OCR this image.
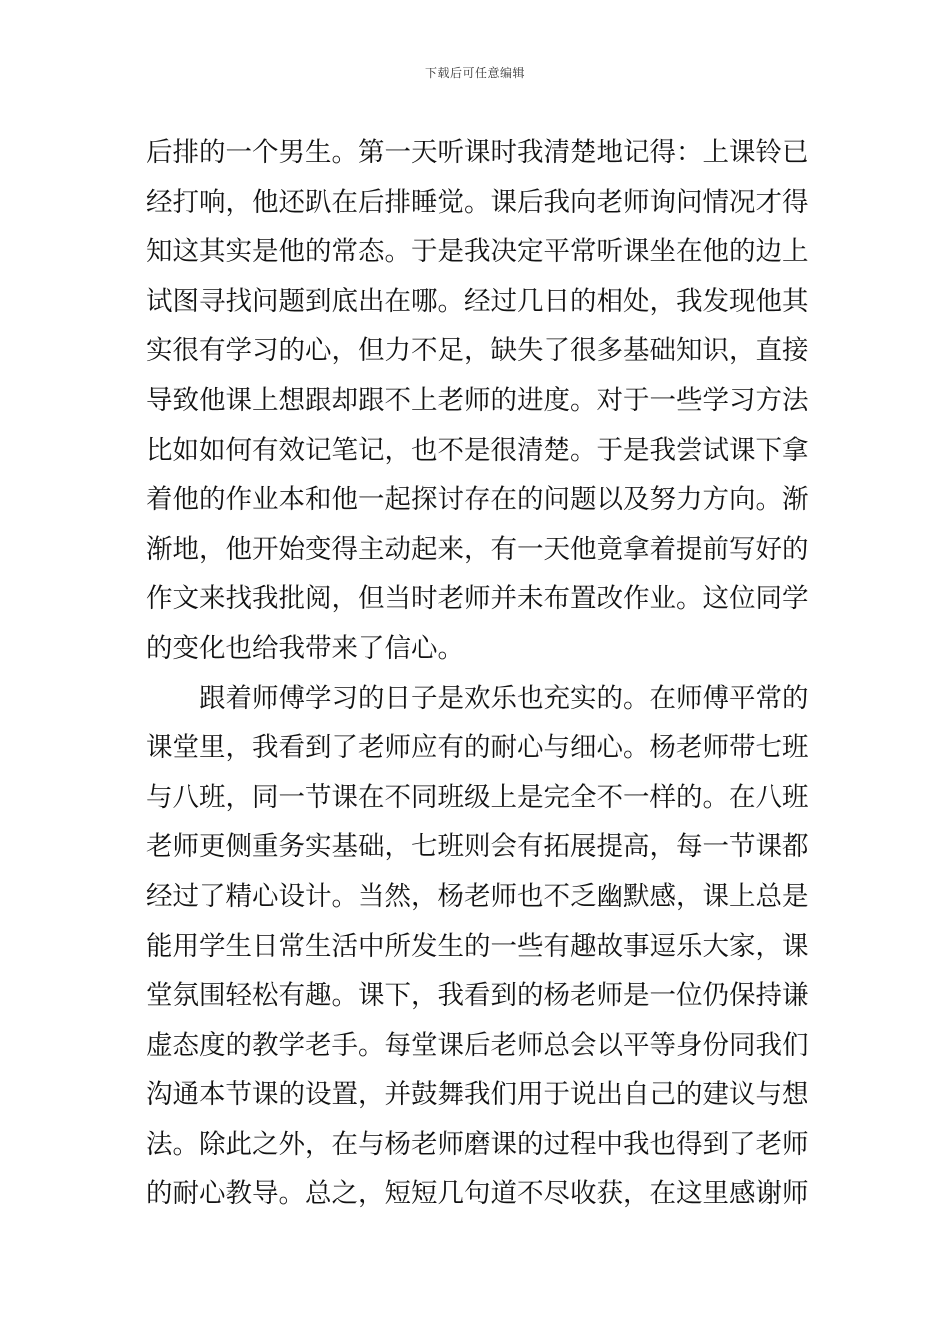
下载后可任意编辑
后排的一个男生。第一天听课时我清楚地记得：上课铃已
经打响，他还趴在后排睡觉。课后我向老师询问情况才得
知这其实是他的常态。于是我决定平常听课坐在他的边上
试图寻找问题到底出在哪。经过几日的相处，我发现他其
实很有学习的心，但力不足，缺失了很多基础知识，直接
导致他课上想跟却跟不上老师的进度。对于一些学习方法
比如如何有效记笔记，也不是很清楚。于是我尝试课下拿
着他的作业本和他一起探讨存在的问题以及努力方向。渐
渐地，他开始变得主动起来，有一天他竟拿着提前写好的
作文来找我批阅，但当时老师并未布置改作业。这位同学
的变化也给我带来了信心。
跟着师傅学习的日子是欢乐也充实的。在师傅平常的
课堂里，我看到了老师应有的耐心与细心。杨老师带七班
与八班，同一节课在不同班级上是完全不一样的。在八班
老师更侧重务实基础，七班则会有拓展提高，每一节课都
经过了精心设计。当然，杨老师也不乏幽默感，课上总是
能用学生日常生活中所发生的一些有趣故事逗乐大家，课
堂氛围轻松有趣。课下，我看到的杨老师是一位仍保持谦
虚态度的教学老手。每堂课后老师总会以平等身份同我们
沟通本节课的设置，并鼓舞我们用于说出自己的建议与想
法。除此之外，在与杨老师磨课的过程中我也得到了老师
的耐心教导。总之，短短几句道不尽收获，在这里感谢师
